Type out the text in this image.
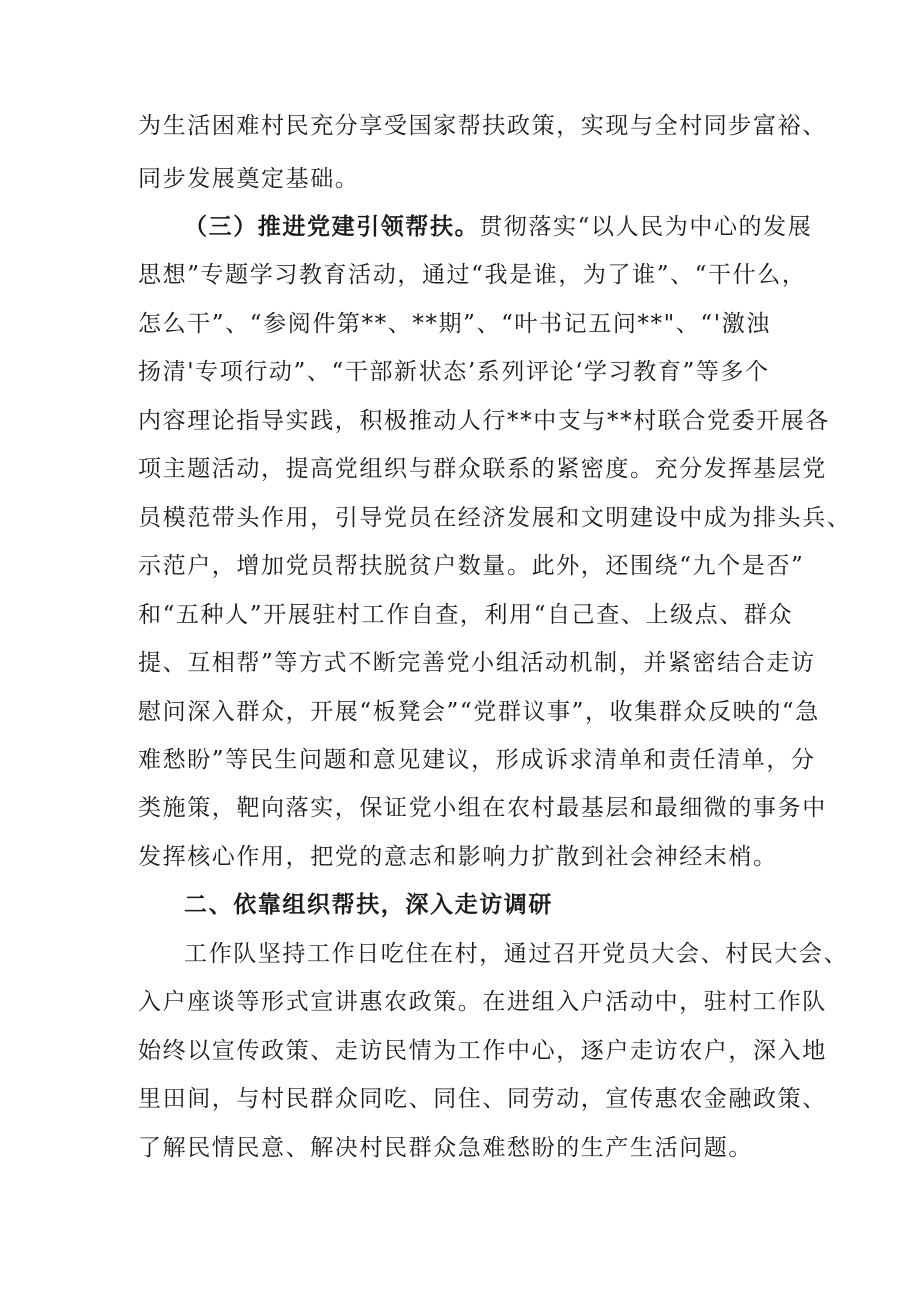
为生活困难村民充分享受国家帮扶政策，实现与全村同步富裕、
同步发展奠定基础。
（三）推进党建引领帮扶。贯彻落实“以人民为中心的发展
思想”专题学习教育活动，通过“我是谁，为了谁”、“干什么，
怎么干”、“参阅件第**、**期”、“叶书记五问**"、“'激浊
扬清'专项行动”、“干部新状态’系列评论‘学习教育”等多个
内容理论指导实践，积极推动人行**中支与**村联合党委开展各
项主题活动，提高党组织与群众联系的紧密度。充分发挥基层党
员模范带头作用，引导党员在经济发展和文明建设中成为排头兵、
示范户，增加党员帮扶脱贫户数量。此外，还围绕“九个是否”
和“五种人”开展驻村工作自查，利用“自己查、上级点、群众
提、互相帮”等方式不断完善党小组活动机制，并紧密结合走访
慰问深入群众，开展“板凳会”“党群议事”，收集群众反映的“急
难愁盼”等民生问题和意见建议，形成诉求清单和责任清单，分
类施策，靶向落实，保证党小组在农村最基层和最细微的事务中
发挥核心作用，把党的意志和影响力扩散到社会神经末梢。
二、依靠组织帮扶，深入走访调研
工作队坚持工作日吃住在村，通过召开党员大会、村民大会、
入户座谈等形式宣讲惠农政策。在进组入户活动中，驻村工作队
始终以宣传政策、走访民情为工作中心，逐户走访农户，深入地
里田间，与村民群众同吃、同住、同劳动，宣传惠农金融政策、
了解民情民意、解决村民群众急难愁盼的生产生活问题。
